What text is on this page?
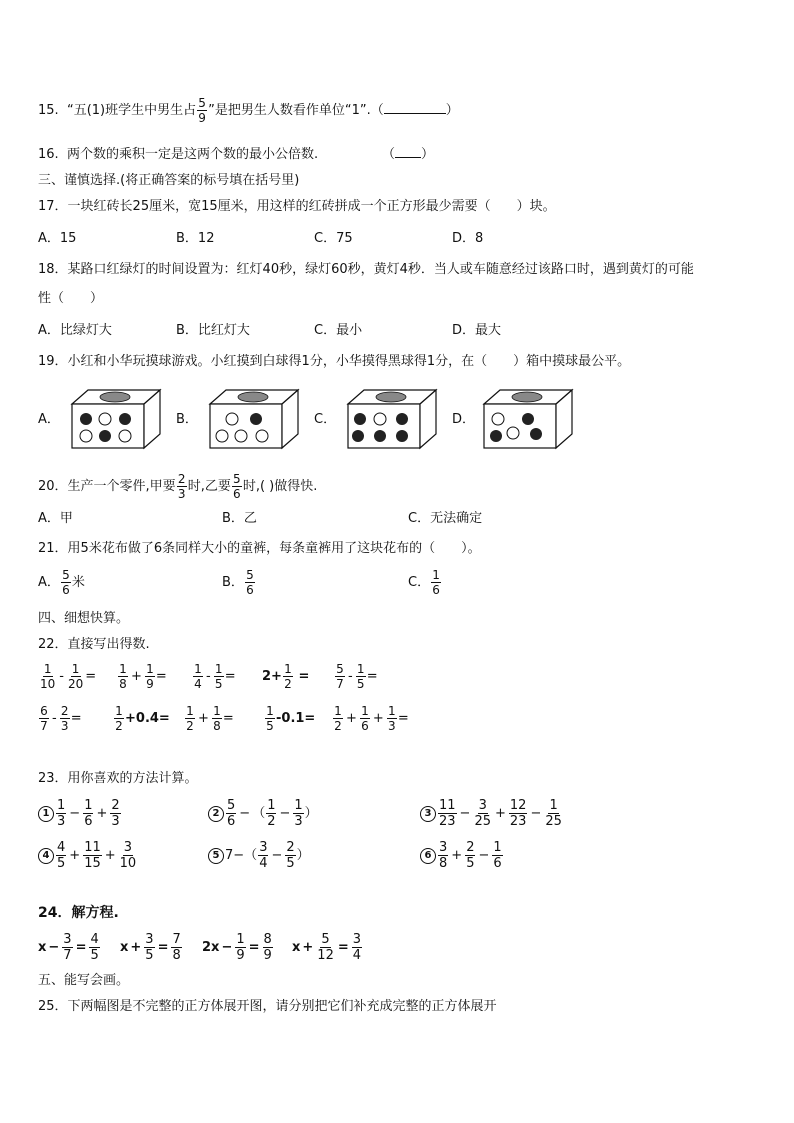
15. “五(1)班学生中男生占 $\frac{5}{9}$ ”是把男生人数看作单位“1”.（	）
16. 两个数的乘积一定是这两个数的最小公倍数.	（ ）
三、谨慎选择.(将正确答案的标号填在括号里)
17．一块红砖长25厘米，宽15厘米，用这样的红砖拼成一个正方形最少需要（　　）块。
A．15	B．12	C．75	D．8
18．某路口红绿灯的时间设置为：红灯40秒，绿灯60秒，黄灯4秒．当人或车随意经过该路口时，遇到黄灯的可能
性（　　）
A．比绿灯大	B．比红灯大	C．最小	D．最大
19．小红和小华玩摸球游戏。小红摸到白球得1分，小华摸得黑球得1分，在（　　）箱中摸球最公平。
A．	B．	C．	D．
20．生产一个零件,甲要 $\frac{2}{3}$ 时,乙要 $\frac{5}{6}$ 时,( )做得快.
A．甲	B．乙	C．无法确定
21．用5米花布做了6条同样大小的童裤，每条童裤用了这块花布的（　　）。
A． $\frac{5}{6}$ 米	B． $\frac{5}{6}$	C． $\frac{1}{6}$
四、细想快算。
22．直接写出得数.
$\frac{1}{10} - \frac{1}{20} = \frac{1}{8} + \frac{1}{9} = \frac{1}{4} - \frac{1}{5} = 2+ \frac{1}{2} = \frac{5}{7} - \frac{1}{5}$ =
$\frac{6}{7} - \frac{2}{3}$ =	$\frac{1}{2} +0.4= \frac{1}{2} + \frac{1}{8}$ =	$\frac{1}{5} -0.1= \frac{1}{2} + \frac{1}{6} + \frac{1}{3}$ =
23．用你喜欢的方法计算。
$1 \frac{1}{3} - \frac{1}{6} + \frac{2}{3}$	$2 \frac{5}{6}$ − （ $\frac{1}{2} - \frac{1}{3}$ ）	$3 \frac{11}{23} - \frac{3}{25} + \frac{12}{23} - \frac{1}{25}$
$4 \frac{4}{5} + \frac{11}{15} + \frac{3}{10}$	5 7− （ $\frac{3}{4} - \frac{2}{5}$ ）	$6 \frac{3}{8} + \frac{2}{5} - \frac{1}{6}$
24．解方程.
$x - \frac{3}{7} = \frac{4}{5}$ $x + \frac{3}{5} = \frac{7}{8} 2x - \frac{1}{9} = \frac{8}{9}$ $x + \frac{5}{12} = \frac{3}{4}$
五、能写会画。
25．下两幅图是不完整的正方体展开图，请分别把它们补充成完整的正方体展开
